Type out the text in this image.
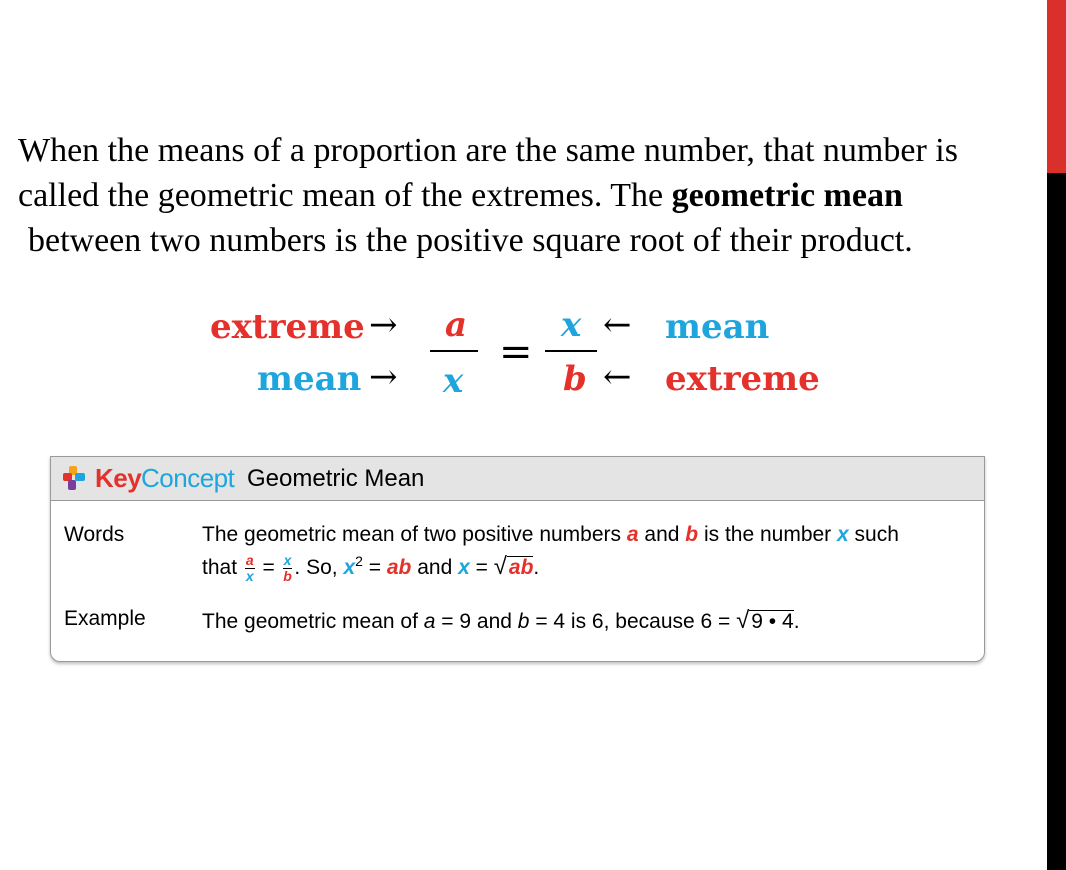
When the means of a proportion are the same number, that number is
called the geometric mean of the extremes. The geometric mean
between two numbers is the positive square root of their product.
extreme → a
mean → x
=
x
b
← mean
← extreme
Key Concept Geometric Mean
Words	The geometric mean of two positive numbers a and b is the number x such
that $\frac{a}{x} = \frac{x}{b}$ . So, $x^2$ = ab and x = √ab.
Example	The geometric mean of a = 9 and b = 4 is 6, because 6 = √9 • 4.
